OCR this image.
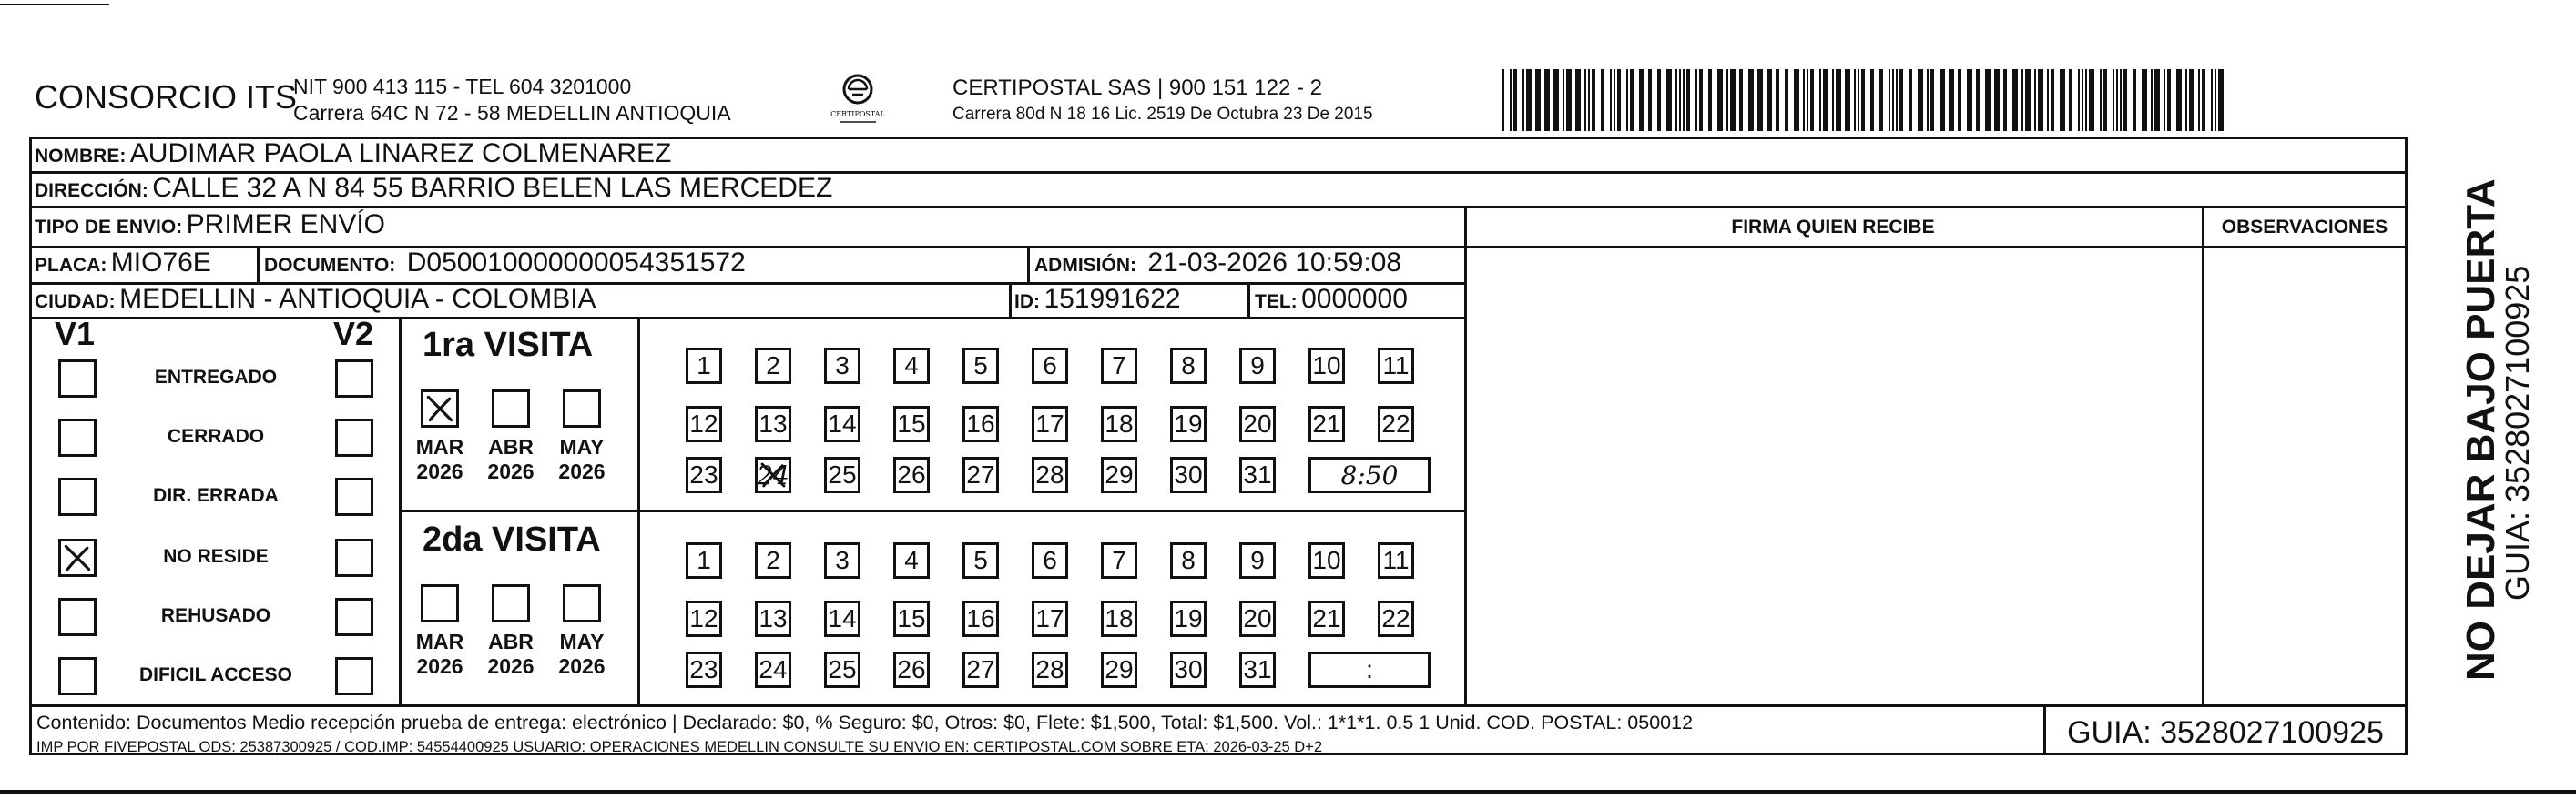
CONSORCIO ITS
NIT 900 413 115 - TEL 604 3201000
Carrera 64C N 72 - 58 MEDELLIN ANTIOQUIA	CERTIPOSTAL
CERTIPOSTAL SAS | 900 151 122 - 2
Carrera 80d N 18 16 Lic. 2519 De Octubra 23 De 2015
NOMBRE: AUDIMAR PAOLA LINAREZ COLMENAREZ
DIRECCIÓN: CALLE 32 A N 84 55 BARRIO BELEN LAS MERCEDEZ
TIPO DE ENVIO: PRIMER ENVÍO
PLACA: MIO76E	DOCUMENTO: D050010000000054351572	ADMISIÓN: 21-03-2026 10:59:08
CIUDAD: MEDELLIN - ANTIOQUIA - COLOMBIA	ID: 151991622	TEL: 0000000
FIRMA QUIEN RECIBE	OBSERVACIONES
V1	V2
ENTREGADO
CERRADO
DIR. ERRADA
NO RESIDE
REHUSADO
DIFICIL ACCESO
1ra VISITA
MAR
2026
ABR
2026
MAY
2026
1	2	3	4	5	6	7	8	9	10 11
12 13 14 15 16 17 18 19 20 21 22
23 24 25 26 27 28 29 30 31	8:50
2da VISITA
MAR
2026
ABR
2026
MAY
2026
1	2	3	4	5	6	7	8	9	10 11
12 13 14 15 16 17 18 19 20 21 22
23 24 25 26 27 28 29 30 31	:
Contenido: Documentos Medio recepción prueba de entrega: electrónico | Declarado: $0, % Seguro: $0, Otros: $0, Flete: $1,500, Total: $1,500. Vol.: 1*1*1. 0.5 1 Unid. COD. POSTAL: 050012
IMP POR FIVEPOSTAL ODS: 25387300925 / COD.IMP: 54554400925 USUARIO: OPERACIONES MEDELLIN CONSULTE SU ENVIO EN: CERTIPOSTAL.COM SOBRE ETA: 2026-03-25 D+2	GUIA: 3528027100925
NO DEJAR BAJO PUERTA
GUIA: 3528027100925
